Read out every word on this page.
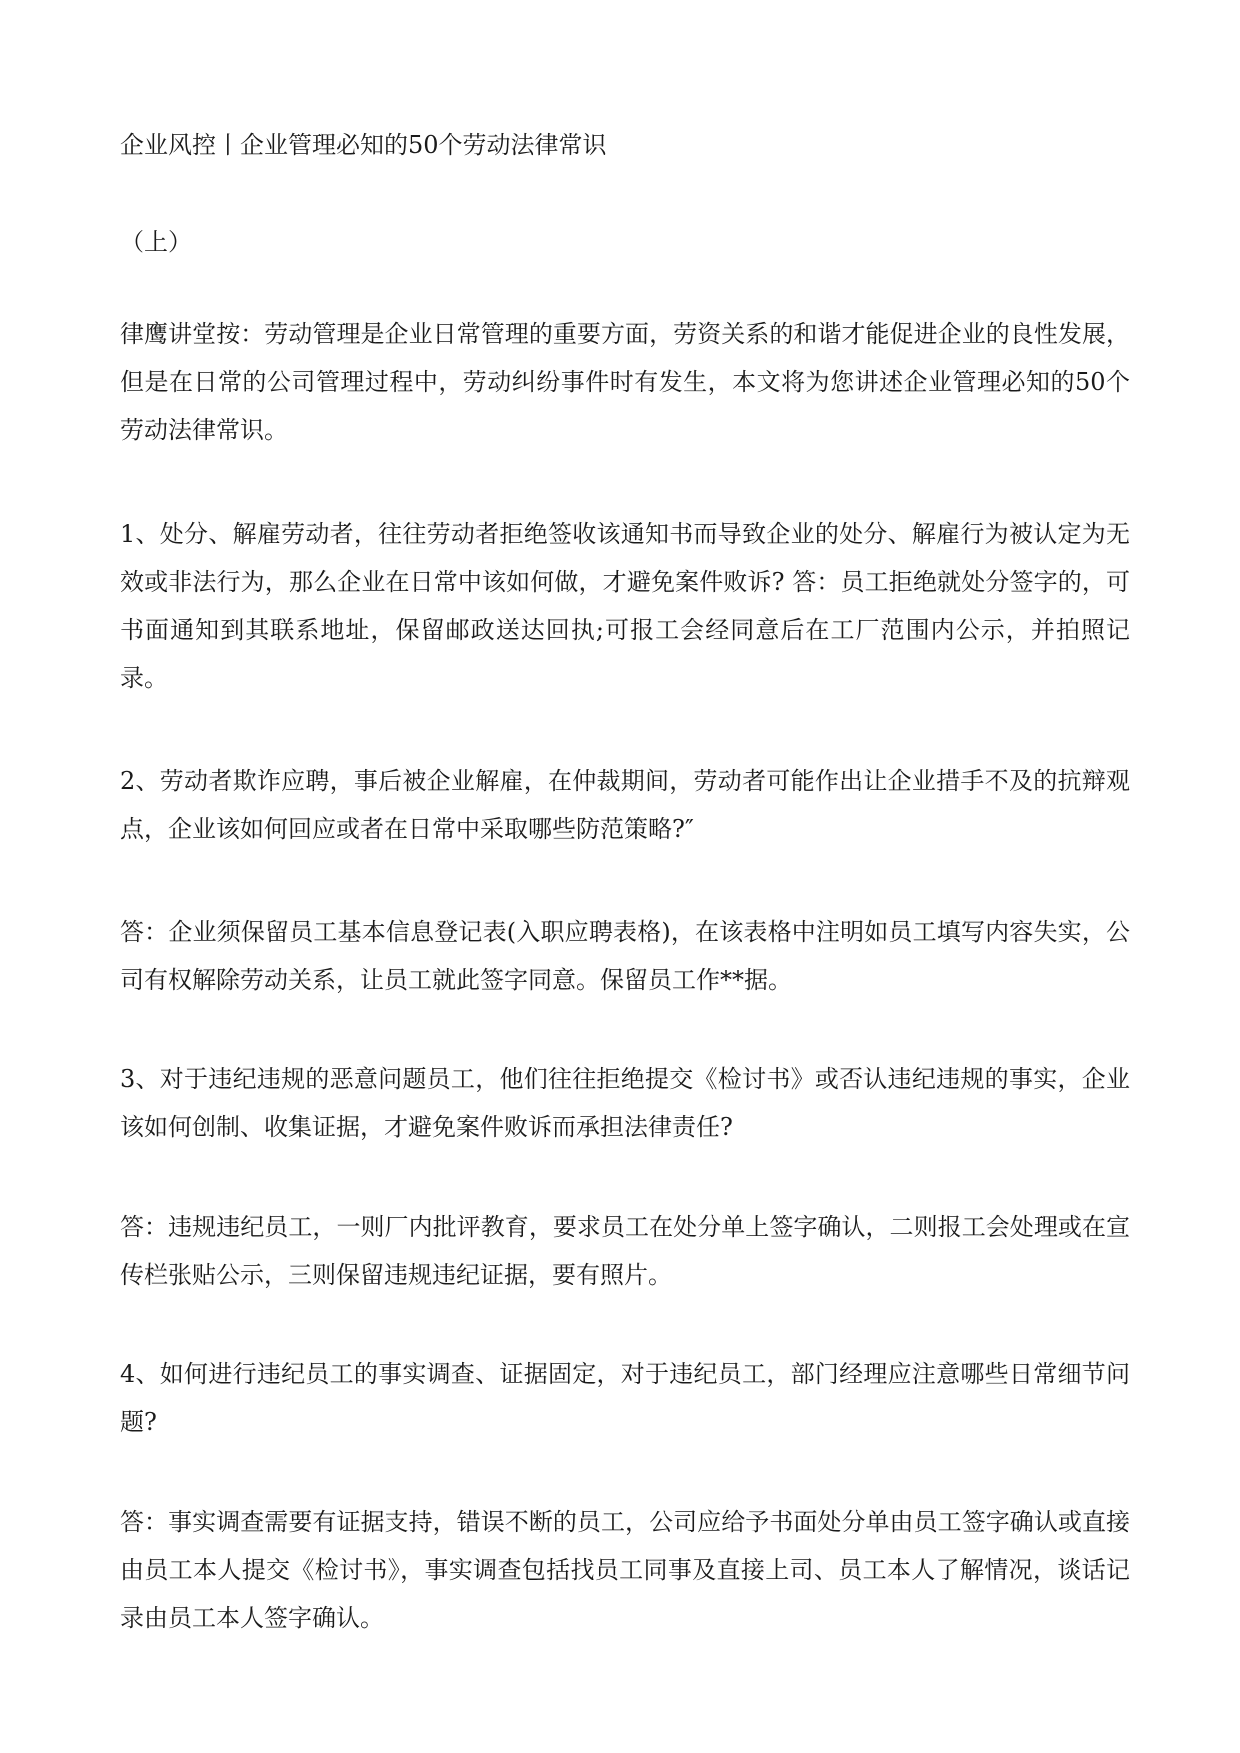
企业风控丨企业管理必知的50个劳动法律常识

（上）

律鹰讲堂按：劳动管理是企业日常管理的重要方面，劳资关系的和谐才能促进企业的良性发展，但是在日常的公司管理过程中，劳动纠纷事件时有发生，本文将为您讲述企业管理必知的50个劳动法律常识。

1、处分、解雇劳动者，往往劳动者拒绝签收该通知书而导致企业的处分、解雇行为被认定为无效或非法行为，那么企业在日常中该如何做，才避免案件败诉? 答：员工拒绝就处分签字的，可书面通知到其联系地址，保留邮政送达回执;可报工会经同意后在工厂范围内公示，并拍照记录。

2、劳动者欺诈应聘，事后被企业解雇，在仲裁期间，劳动者可能作出让企业措手不及的抗辩观点，企业该如何回应或者在日常中采取哪些防范策略?″

答：企业须保留员工基本信息登记表(入职应聘表格)，在该表格中注明如员工填写内容失实，公司有权解除劳动关系，让员工就此签字同意。保留员工作**据。

3、对于违纪违规的恶意问题员工，他们往往拒绝提交《检讨书》或否认违纪违规的事实，企业该如何创制、收集证据，才避免案件败诉而承担法律责任?

答：违规违纪员工，一则厂内批评教育，要求员工在处分单上签字确认，二则报工会处理或在宣传栏张贴公示，三则保留违规违纪证据，要有照片。

4、如何进行违纪员工的事实调查、证据固定，对于违纪员工，部门经理应注意哪些日常细节问题?

答：事实调查需要有证据支持，错误不断的员工，公司应给予书面处分单由员工签字确认或直接由员工本人提交《检讨书》，事实调查包括找员工同事及直接上司、员工本人了解情况，谈话记录由员工本人签字确认。
